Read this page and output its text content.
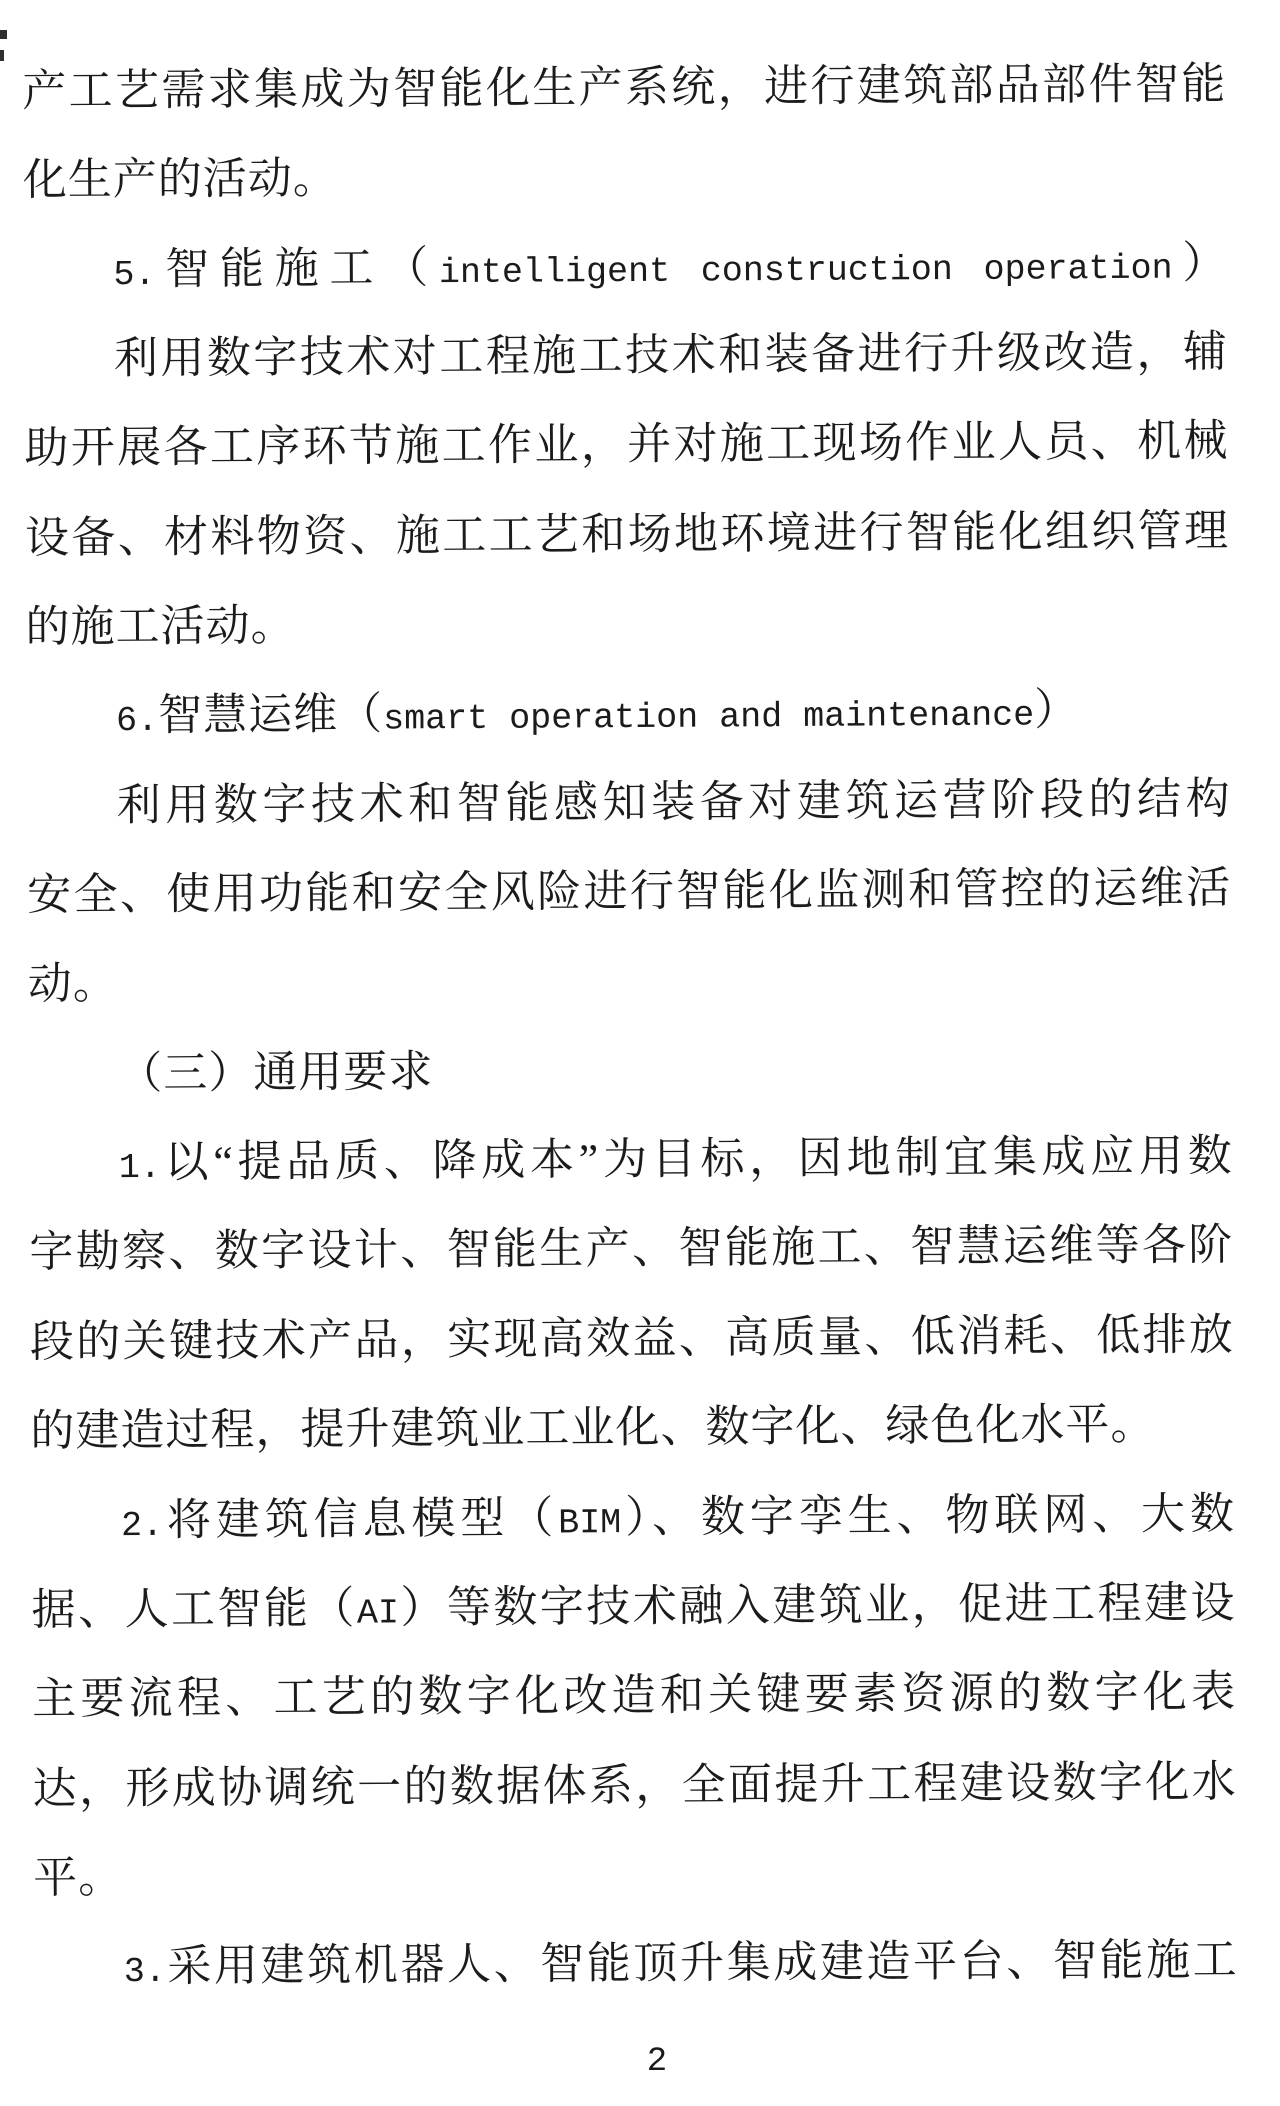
产工艺需求集成为智能化生产系统，进行建筑部品部件智能
化生产的活动。
5.智能施工（intelligent construction operation）
利用数字技术对工程施工技术和装备进行升级改造，辅
助开展各工序环节施工作业，并对施工现场作业人员、机械
设备、材料物资、施工工艺和场地环境进行智能化组织管理
的施工活动。
6.智慧运维（smart operation and maintenance）
利用数字技术和智能感知装备对建筑运营阶段的结构
安全、使用功能和安全风险进行智能化监测和管控的运维活
动。
（三）通用要求
1.以“提品质、降成本”为目标，因地制宜集成应用数
字勘察、数字设计、智能生产、智能施工、智慧运维等各阶
段的关键技术产品，实现高效益、高质量、低消耗、低排放
的建造过程，提升建筑业工业化、数字化、绿色化水平。
2.将建筑信息模型（BIM）、数字孪生、物联网、大数
据、人工智能（AI）等数字技术融入建筑业，促进工程建设
主要流程、工艺的数字化改造和关键要素资源的数字化表
达，形成协调统一的数据体系，全面提升工程建设数字化水
平。
3.采用建筑机器人、智能顶升集成建造平台、智能施工
2
